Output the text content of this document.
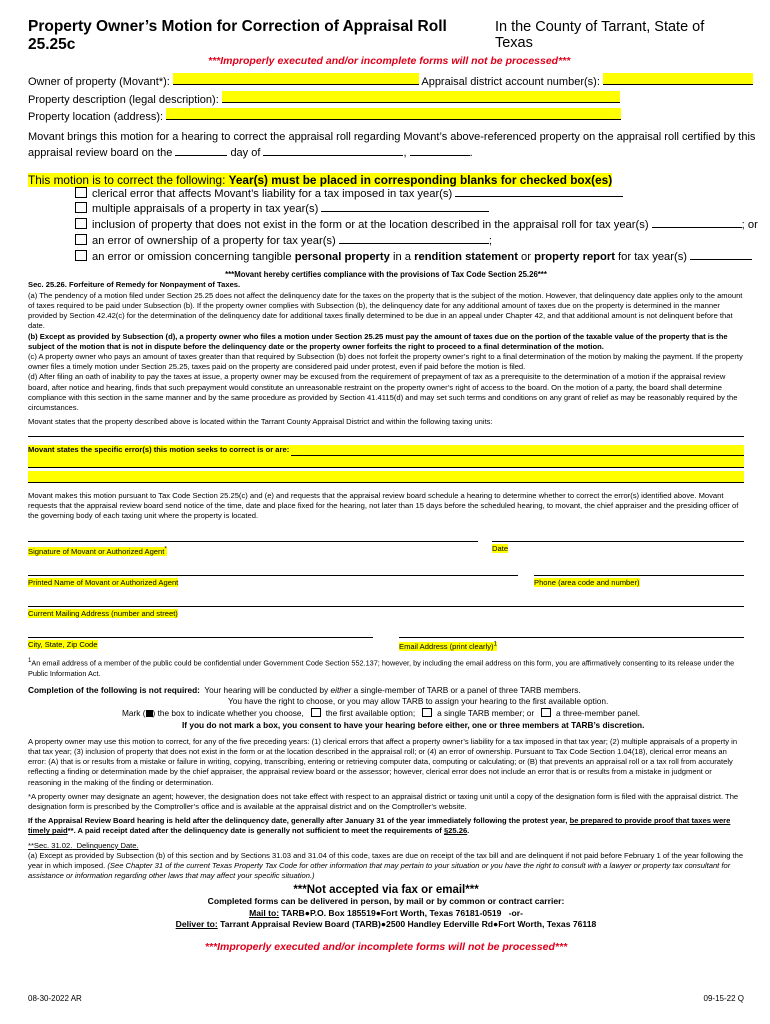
Property Owner’s Motion for Correction of Appraisal Roll 25.25c
In the County of Tarrant, State of Texas
***Improperly executed and/or incomplete forms will not be processed***
Owner of property (Movant*):	Appraisal district account number(s):
Property description (legal description):
Property location (address):
Movant brings this motion for a hearing to correct the appraisal roll regarding Movant’s above-referenced property on the appraisal roll certified by this
appraisal review board on the	day of	,	.
This motion is to correct the following: Year(s) must be placed in corresponding blanks for checked box(es)
clerical error that affects Movant’s liability for a tax imposed in tax year(s)
multiple appraisals of a property in tax year(s)
inclusion of property that does not exist in the form or at the location described in the appraisal roll for tax year(s)	; or
an error of ownership of a property for tax year(s)	;
an error or omission concerning tangible personal property in a rendition statement or property report for tax year(s)
***Movant hereby certifies compliance with the provisions of Tax Code Section 25.26***
Sec. 25.26. Forfeiture of Remedy for Nonpayment of Taxes.
(a) The pendency of a motion filed under Section 25.25 does not affect the delinquency date for the taxes on the property that is the subject of the motion. However, that delinquency date applies only to the amount of taxes required to be paid under Subsection (b). If the property owner complies with Subsection (b), the delinquency date for any additional amount of taxes due on the property is determined in the manner provided by Section 42.42(c) for the determination of the delinquency date for additional taxes finally determined to be due in an appeal under Chapter 42, and that additional amount is not delinquent before that date.
(b) Except as provided by Subsection (d), a property owner who files a motion under Section 25.25 must pay the amount of taxes due on the portion of the taxable value of the property that is the subject of the motion that is not in dispute before the delinquency date or the property owner forfeits the right to proceed to a final determination of the motion.
(c) A property owner who pays an amount of taxes greater than that required by Subsection (b) does not forfeit the property owner’s right to a final determination of the motion by making the payment. If the property owner files a timely motion under Section 25.25, taxes paid on the property are considered paid under protest, even if paid before the motion is filed.
(d) After filing an oath of inability to pay the taxes at issue, a property owner may be excused from the requirement of prepayment of tax as a prerequisite to the determination of a motion if the appraisal review board, after notice and hearing, finds that such prepayment would constitute an unreasonable restraint on the property owner’s right of access to the board. On the motion of a party, the board shall determine compliance with this section in the same manner and by the same procedure as provided by Section 41.4115(d) and may set such terms and conditions on any grant of relief as may be reasonably required by the circumstances.
Movant states that the property described above is located within the Tarrant County Appraisal District and within the following taxing units:
Movant states the specific error(s) this motion seeks to correct is or are:
Movant makes this motion pursuant to Tax Code Section 25.25(c) and (e) and requests that the appraisal review board schedule a hearing to determine whether to correct the error(s) identified above. Movant requests that the appraisal review board send notice of the time, date and place fixed for the hearing, not later than 15 days before the scheduled hearing, to movant, the chief appraiser and the presiding officer of the governing body of each taxing unit where the property is located.
Signature of Movant or Authorized Agent*	Date
Printed Name of Movant or Authorized Agent	Phone (area code and number)
Current Mailing Address (number and street)
City, State, Zip Code	Email Address (print clearly)$^1$
$^1$An email address of a member of the public could be confidential under Government Code Section 552.137; however, by including the email address on this form, you are affirmatively consenting to its release under the Public Information Act.
Completion of the following is not required: Your hearing will be conducted by either a single-member of TARB or a panel of three TARB members.
You have the right to choose, or you may allow TARB to assign your hearing to the first available option.
Mark ( ) the box to indicate whether you choose,	the first available option;	a single TARB member; or	a three-member panel.
If you do not mark a box, you consent to have your hearing before either, one or three members at TARB’s discretion.
A property owner may use this motion to correct, for any of the five preceding years: (1) clerical errors that affect a property owner’s liability for a tax imposed in that tax year; (2) multiple appraisals of a property in that tax year; (3) inclusion of property that does not exist in the form or at the location described in the appraisal roll; or (4) an error of ownership. Pursuant to Tax Code Section 1.04(18), clerical error means an error: (A) that is or results from a mistake or failure in writing, copying, transcribing, entering or retrieving computer data, computing or calculating; or (B) that prevents an appraisal roll or a tax roll from accurately reflecting a finding or determination made by the chief appraiser, the appraisal review board or the assessor; however, clerical error does not include an error that is or results from a mistake in judgment or reasoning in the making of the finding or determination.
*A property owner may designate an agent; however, the designation does not take effect with respect to an appraisal district or taxing unit until a copy of the designation form is filed with the appraisal district. The designation form is prescribed by the Comptroller’s office and is available at the appraisal district and on the Comptroller’s website.
If the Appraisal Review Board hearing is held after the delinquency date, generally after January 31 of the year immediately following the protest year, be prepared to provide proof that taxes were timely paid**. A paid receipt dated after the delinquency date is generally not sufficient to meet the requirements of §25.26.
**Sec. 31.02. Delinquency Date.
(a) Except as provided by Subsection (b) of this section and by Sections 31.03 and 31.04 of this code, taxes are due on receipt of the tax bill and are delinquent if not paid before February 1 of the year following the year in which imposed. (See Chapter 31 of the current Texas Property Tax Code for other information that may pertain to your situation or you have the right to consult with a lawyer or property tax consultant for assistance or information regarding other laws that may affect your specific situation.)
***Not accepted via fax or email***
Completed forms can be delivered in person, by mail or by common or contract carrier:
Mail to: TARB●P.O. Box 185519●Fort Worth, Texas 76181-0519 -or-
Deliver to: Tarrant Appraisal Review Board (TARB)●2500 Handley Ederville Rd●Fort Worth, Texas 76118
***Improperly executed and/or incomplete forms will not be processed***
08-30-2022 AR	09-15-22 Q
